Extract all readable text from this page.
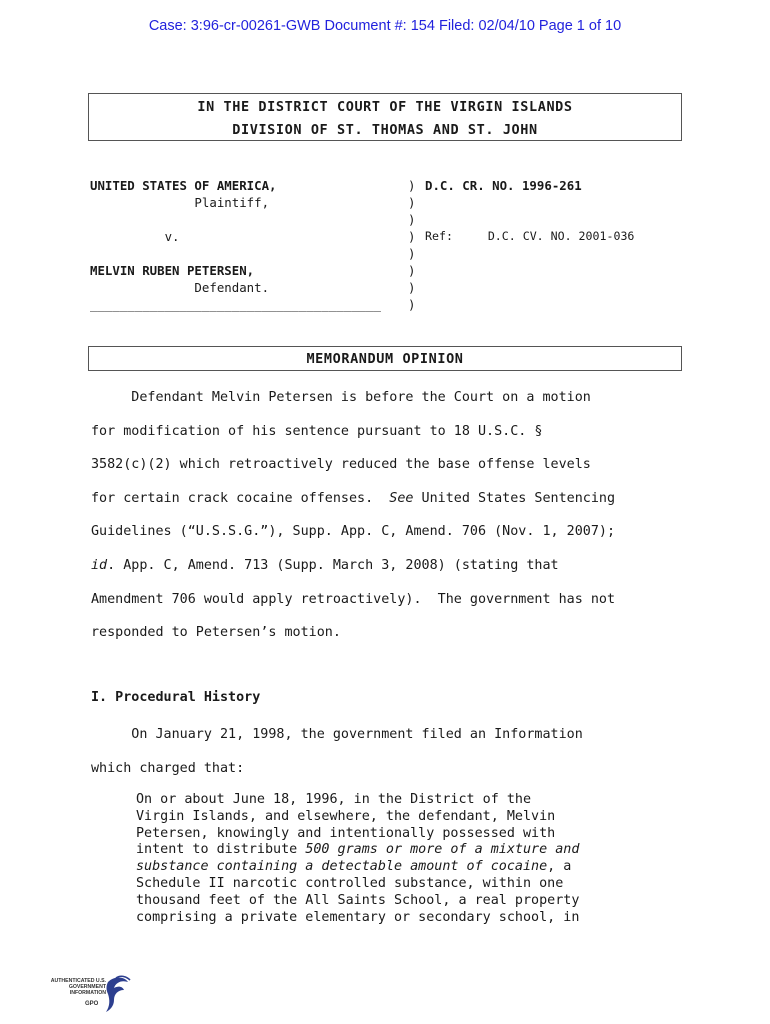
Case: 3:96-cr-00261-GWB Document #: 154 Filed: 02/04/10 Page 1 of 10
IN THE DISTRICT COURT OF THE VIRGIN ISLANDS
DIVISION OF ST. THOMAS AND ST. JOHN
UNITED STATES OF AMERICA,
Plaintiff,
v.
MELVIN RUBEN PETERSEN,
Defendant.
_______________________________________
)
)
)
)
)
)
)
)
D.C. CR. NO. 1996-261
Ref:     D.C. CV. NO. 2001-036
MEMORANDUM OPINION
Defendant Melvin Petersen is before the Court on a motion
for modification of his sentence pursuant to 18 U.S.C. §
3582(c)(2) which retroactively reduced the base offense levels
for certain crack cocaine offenses.  See United States Sentencing
Guidelines (“U.S.S.G.”), Supp. App. C, Amend. 706 (Nov. 1, 2007);
id. App. C, Amend. 713 (Supp. March 3, 2008) (stating that
Amendment 706 would apply retroactively).  The government has not
responded to Petersen’s motion.
I. Procedural History
On January 21, 1998, the government filed an Information
which charged that:
On or about June 18, 1996, in the District of the
Virgin Islands, and elsewhere, the defendant, Melvin
Petersen, knowingly and intentionally possessed with
intent to distribute 500 grams or more of a mixture and
substance containing a detectable amount of cocaine, a
Schedule II narcotic controlled substance, within one
thousand feet of the All Saints School, a real property
comprising a private elementary or secondary school, in
AUTHENTICATED U.S. GOVERNMENT INFORMATION
GPO
